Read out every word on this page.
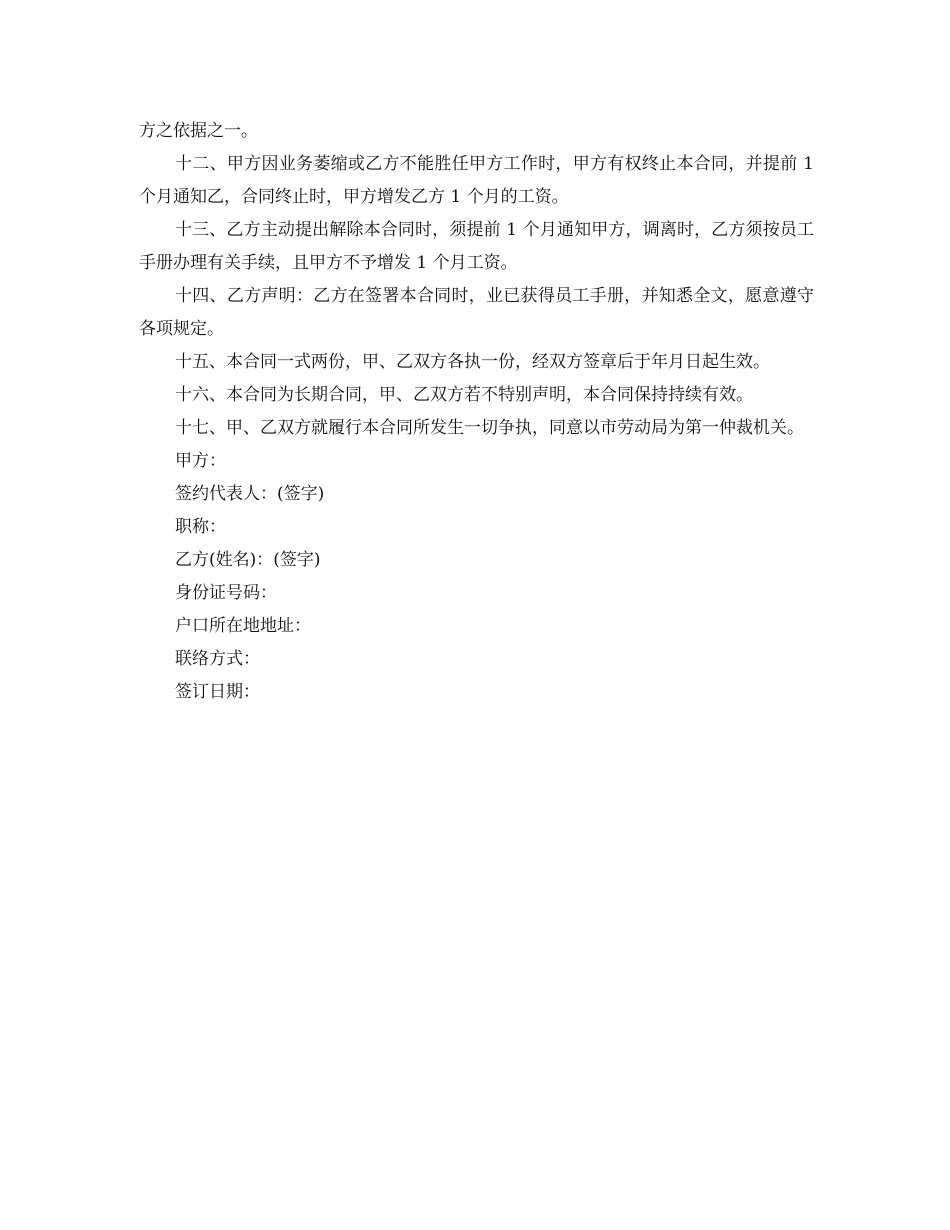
方之依据之一。

十二、甲方因业务萎缩或乙方不能胜任甲方工作时，甲方有权终止本合同，并提前 1 个月通知乙，合同终止时，甲方增发乙方 1 个月的工资。

十三、乙方主动提出解除本合同时，须提前 1 个月通知甲方，调离时，乙方须按员工手册办理有关手续，且甲方不予增发 1 个月工资。

十四、乙方声明：乙方在签署本合同时，业已获得员工手册，并知悉全文，愿意遵守各项规定。

十五、本合同一式两份，甲、乙双方各执一份，经双方签章后于年月日起生效。

十六、本合同为长期合同，甲、乙双方若不特别声明，本合同保持持续有效。

十七、甲、乙双方就履行本合同所发生一切争执，同意以市劳动局为第一仲裁机关。

甲方：

签约代表人：(签字)

职称：

乙方(姓名)：(签字)

身份证号码：

户口所在地地址：

联络方式：

签订日期：
